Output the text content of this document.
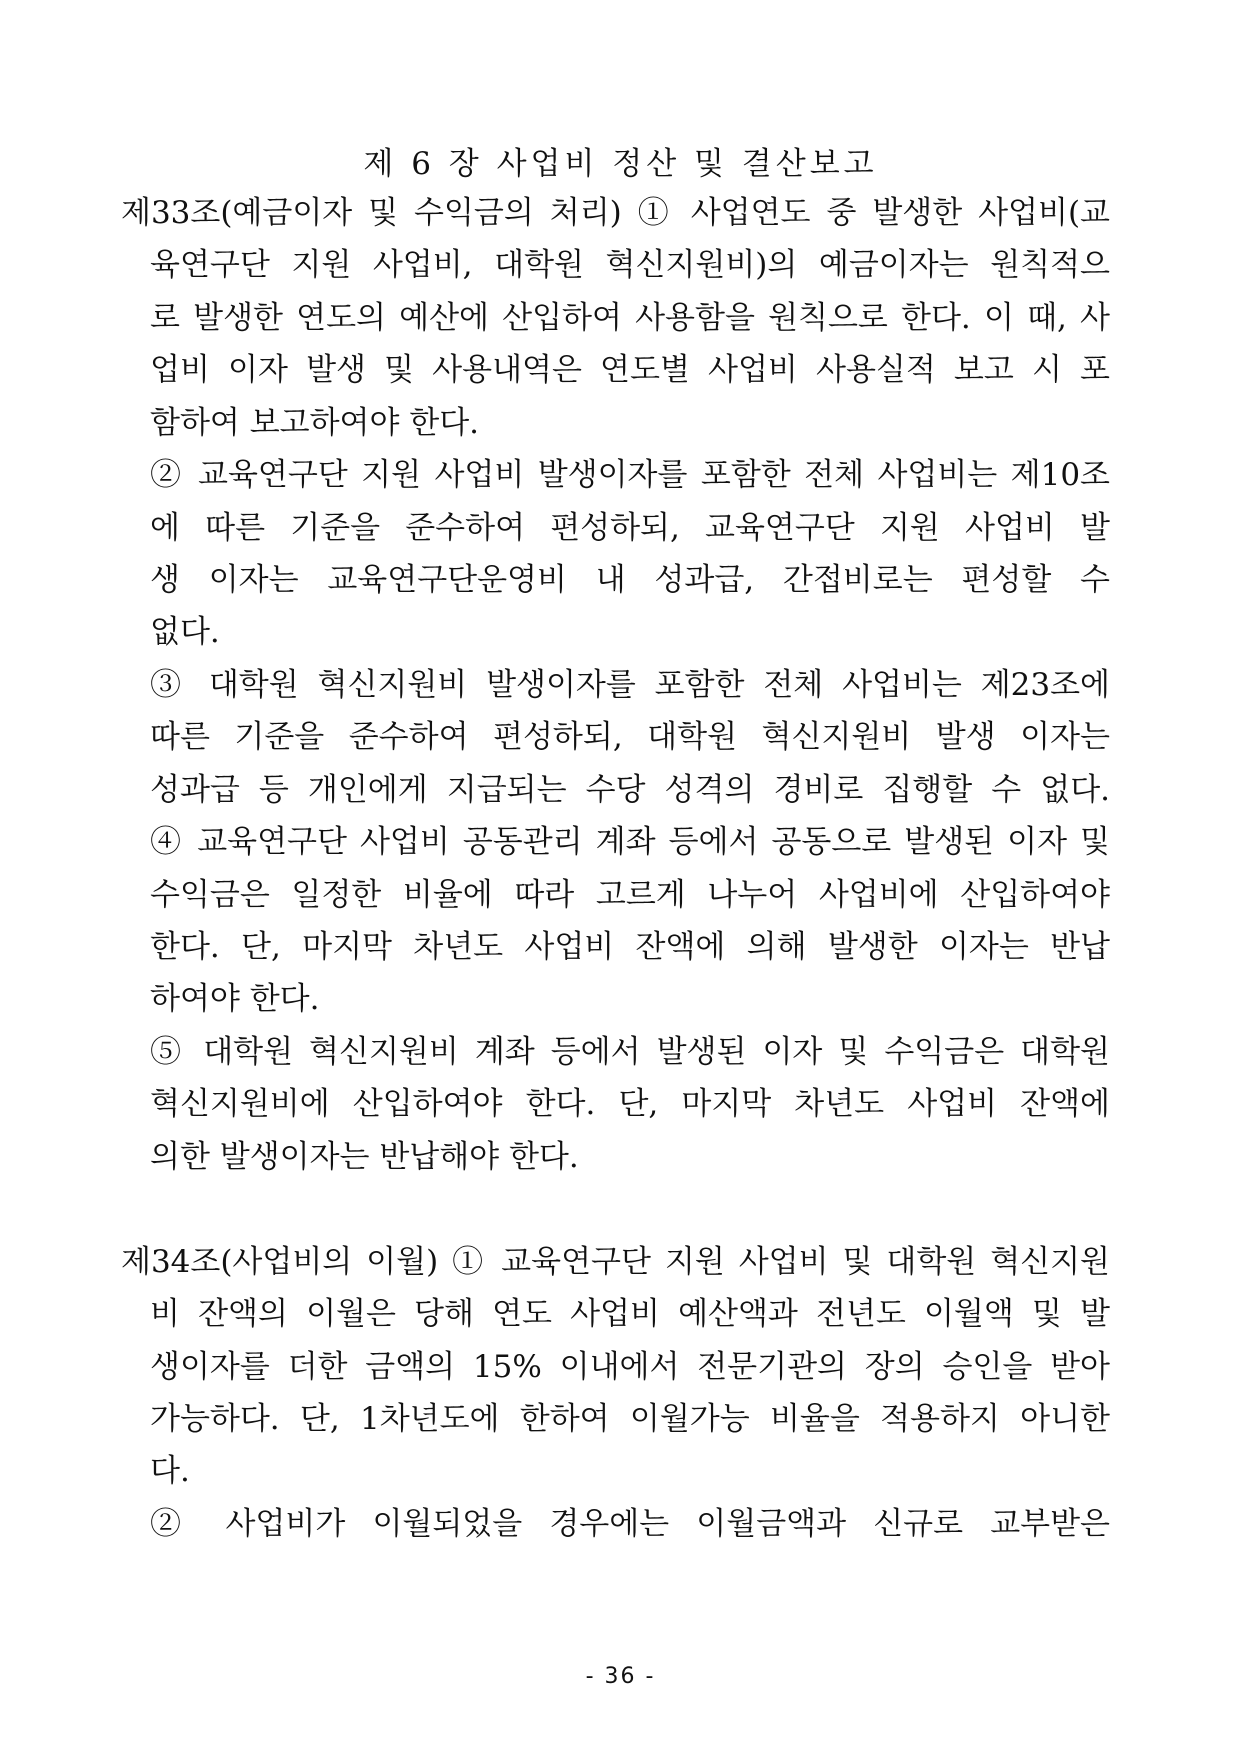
제 6 장 사업비 정산 및 결산보고
제33조(예금이자 및 수익금의 처리) ① 사업연도 중 발생한 사업비(교
육연구단 지원 사업비, 대학원 혁신지원비)의 예금이자는 원칙적으
로 발생한 연도의 예산에 산입하여 사용함을 원칙으로 한다. 이 때, 사
업비 이자 발생 및 사용내역은 연도별 사업비 사용실적 보고 시 포
함하여 보고하여야 한다.
② 교육연구단 지원 사업비 발생이자를 포함한 전체 사업비는 제10조
에 따른 기준을 준수하여 편성하되, 교육연구단 지원 사업비 발
생 이자는 교육연구단운영비 내 성과급, 간접비로는 편성할 수
없다.
③ 대학원 혁신지원비 발생이자를 포함한 전체 사업비는 제23조에
따른 기준을 준수하여 편성하되, 대학원 혁신지원비 발생 이자는
성과급 등 개인에게 지급되는 수당 성격의 경비로 집행할 수 없다.
④ 교육연구단 사업비 공동관리 계좌 등에서 공동으로 발생된 이자 및
수익금은 일정한 비율에 따라 고르게 나누어 사업비에 산입하여야
한다. 단, 마지막 차년도 사업비 잔액에 의해 발생한 이자는 반납
하여야 한다.
⑤ 대학원 혁신지원비 계좌 등에서 발생된 이자 및 수익금은 대학원
혁신지원비에 산입하여야 한다. 단, 마지막 차년도 사업비 잔액에
의한 발생이자는 반납해야 한다.
제34조(사업비의 이월) ① 교육연구단 지원 사업비 및 대학원 혁신지원
비 잔액의 이월은 당해 연도 사업비 예산액과 전년도 이월액 및 발
생이자를 더한 금액의 15% 이내에서 전문기관의 장의 승인을 받아
가능하다. 단, 1차년도에 한하여 이월가능 비율을 적용하지 아니한
다.
② 사업비가 이월되었을 경우에는 이월금액과 신규로 교부받은
- 36 -
